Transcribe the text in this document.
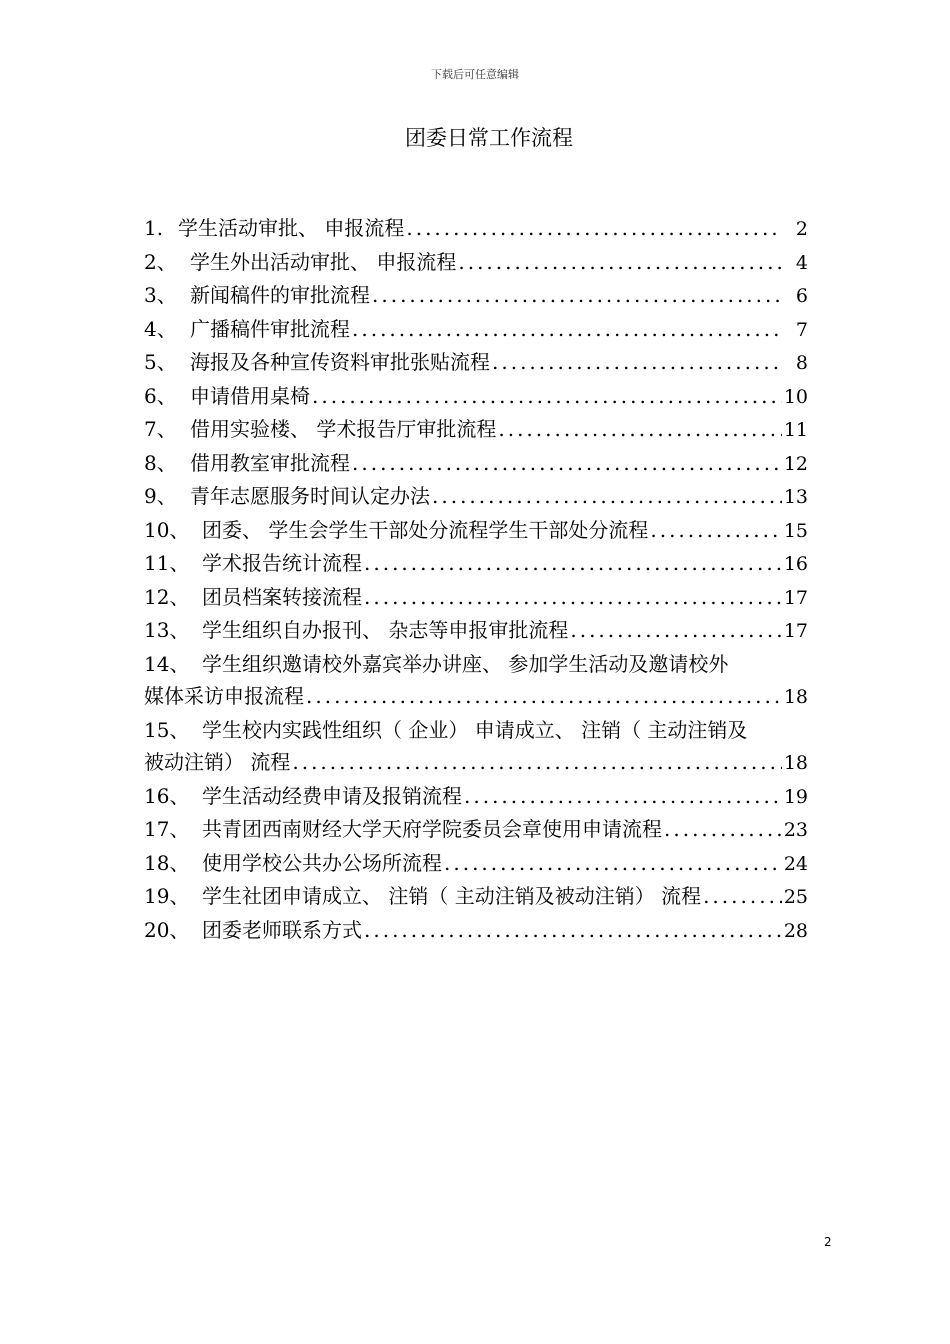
下载后可任意编辑
团委日常工作流程
1. 学生活动审批、 申报流程 .....	2
2、 学生外出活动审批、 申报流程 .....	4
3、 新闻稿件的审批流程 .....	6
4、 广播稿件审批流程 .....	7
5、 海报及各种宣传资料审批张贴流程 .....	8
6、 申请借用桌椅 .....	10
7、 借用实验楼、 学术报告厅审批流程 .....	11
8、 借用教室审批流程 .....	12
9、 青年志愿服务时间认定办法 .....	13
10、 团委、 学生会学生干部处分流程学生干部处分流程 .....	15
11、 学术报告统计流程 .....	16
12、 团员档案转接流程 .....	17
13、 学生组织自办报刊、 杂志等申报审批流程 .....	17
14、 学生组织邀请校外嘉宾举办讲座、 参加学生活动及邀请校外
媒体采访申报流程 .....	18
15、 学生校内实践性组织（ 企业） 申请成立、 注销（ 主动注销及
被动注销） 流程 .....	18
16、 学生活动经费申请及报销流程 .....	19
17、 共青团西南财经大学天府学院委员会章使用申请流程 .....	23
18、 使用学校公共办公场所流程 .....	24
19、 学生社团申请成立、 注销（ 主动注销及被动注销） 流程 .....	25
20、 团委老师联系方式 .....	28
2
